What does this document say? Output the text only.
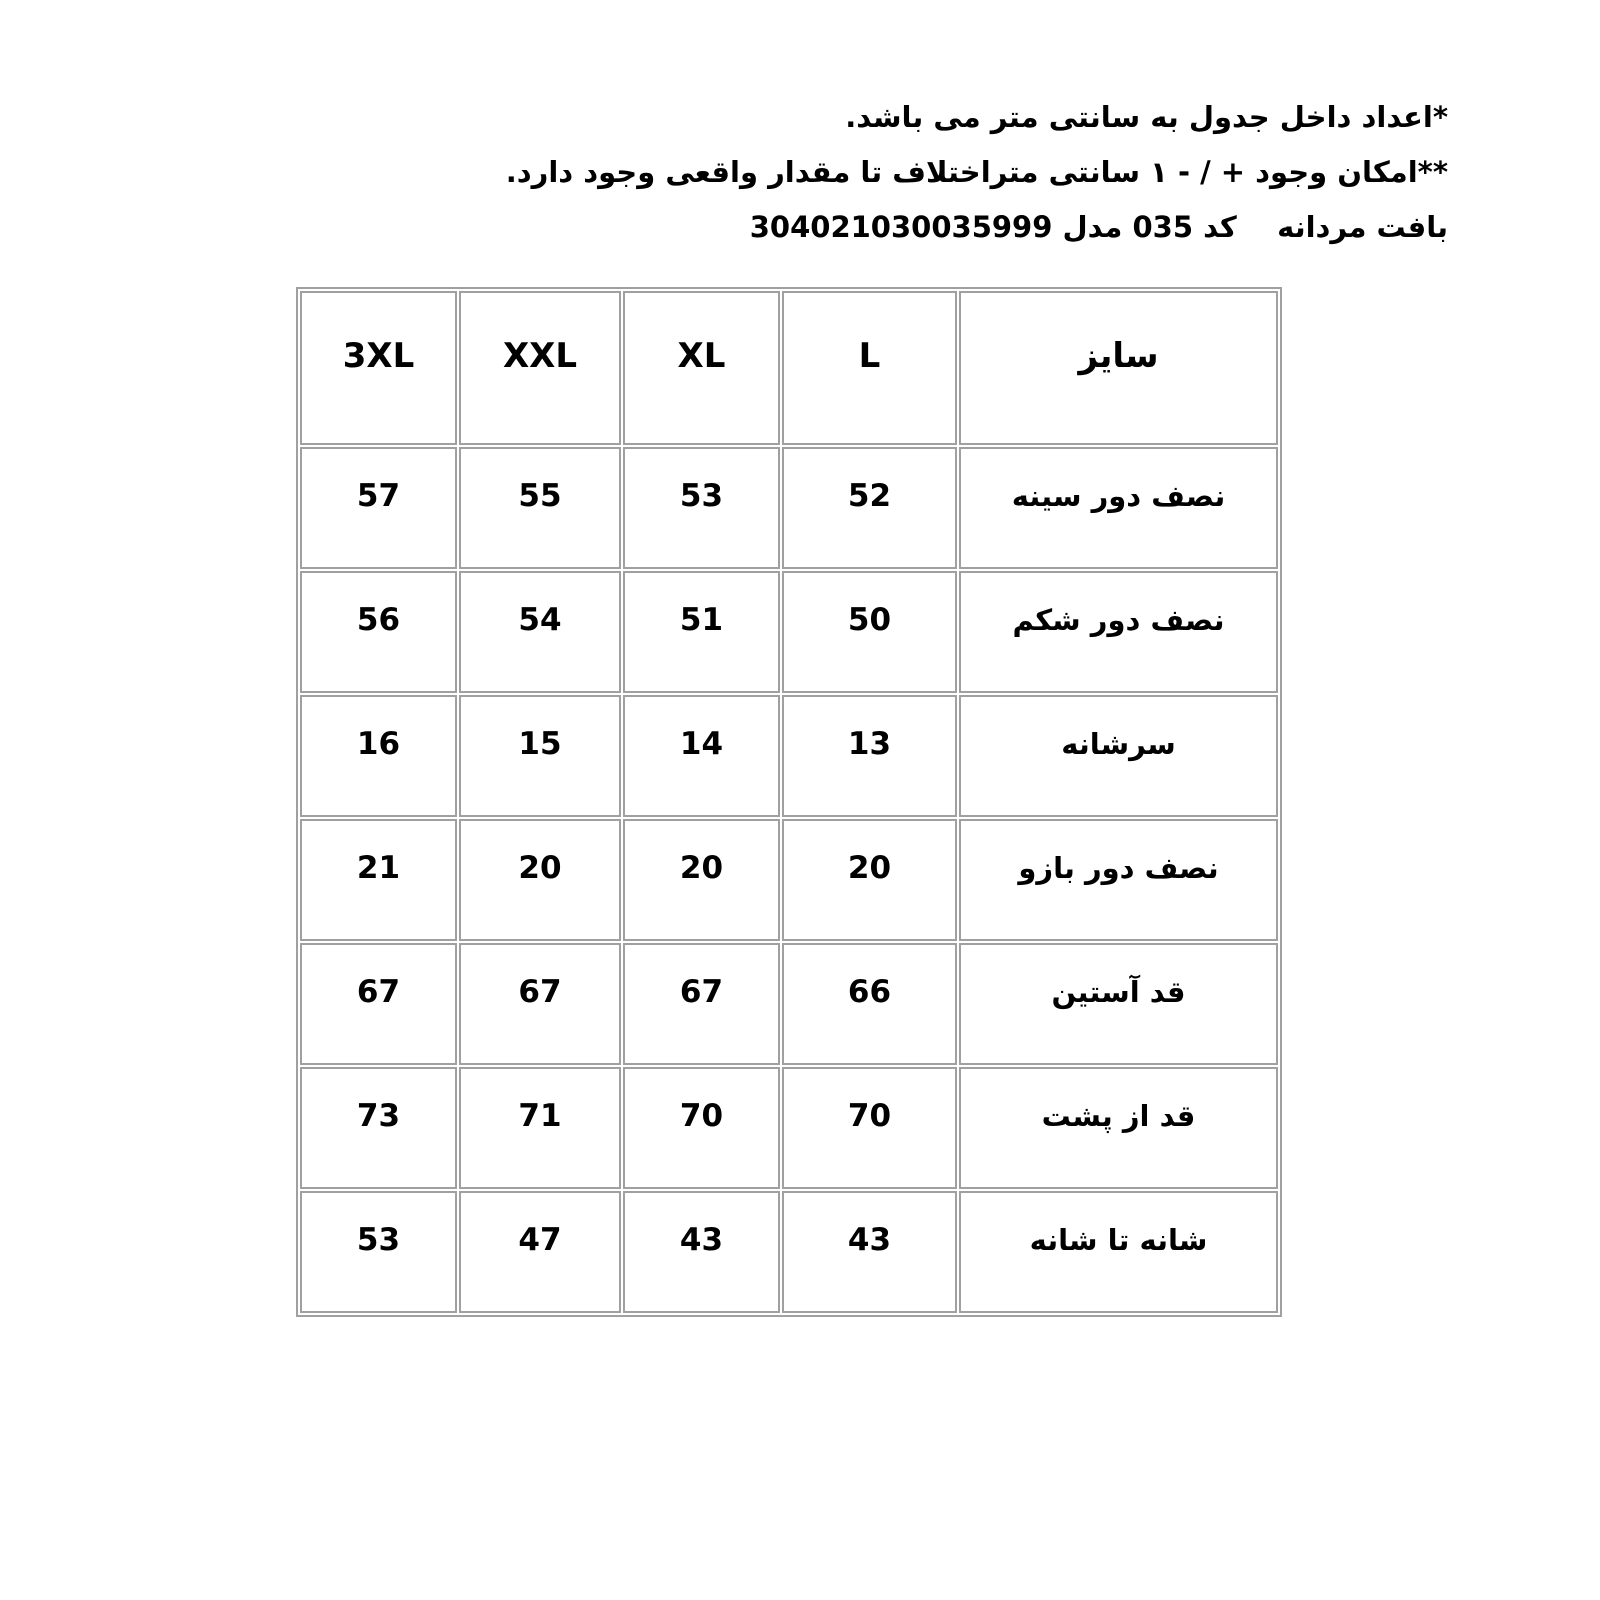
*اعداد داخل جدول به سانتی متر می باشد.

**امکان وجود + / - ۱ سانتی متراختلاف تا مقدار واقعی وجود دارد.

بافت مردانه    کد 035 مدل 304021030035999

سایز	L	XL	XXL	3XL
نصف دور سینه	52	53	55	57
نصف دور شکم	50	51	54	56
سرشانه	13	14	15	16
نصف دور بازو	20	20	20	21
قد آستین	66	67	67	67
قد از پشت	70	70	71	73
شانه تا شانه	43	43	47	53
